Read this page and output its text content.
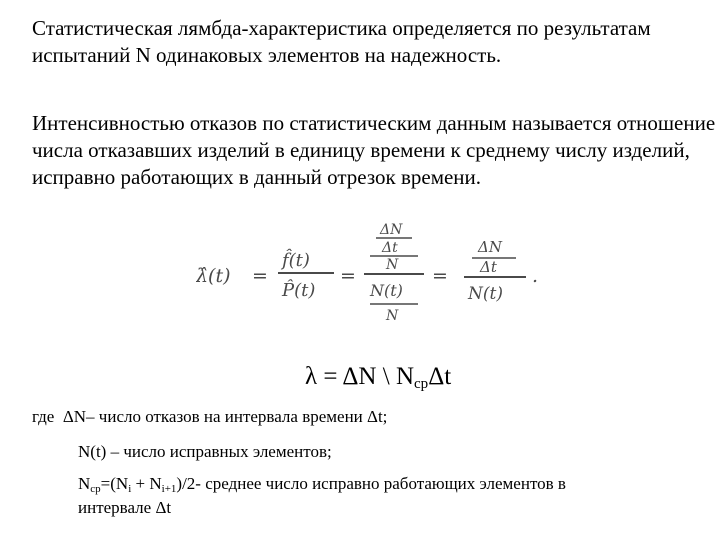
Статистическая лямбда-характеристика определяется по результатам испытаний N одинаковых элементов на надежность.

Интенсивностью отказов по статистическим данным называется отношение числа отказавших изделий в единицу времени к среднему числу изделий, исправно работающих в данный отрезок времени.

λ̂(t) =
f̂(t)
P̂(t)
=
ΔN
Δt
N
N(t)
N
=
ΔN
Δt
N(t)
.
λ = ΔN \ $N_{ср}\Delta t$

где ΔN– число отказов на интервала времени Δt;

N(t) – число исправных элементов;

$N_{ср}=(N_i + N_{i+1})/2-$ среднее число исправно работающих элементов в

интервале Δt
